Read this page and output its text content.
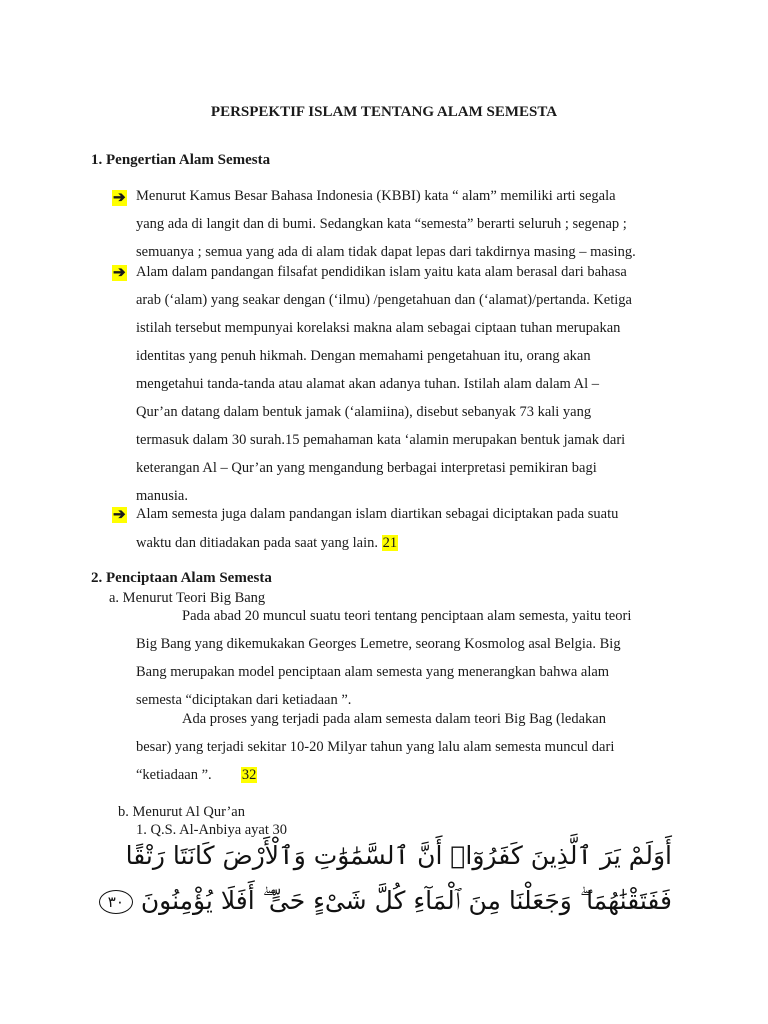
PERSPEKTIF ISLAM TENTANG ALAM SEMESTA
1. Pengertian Alam Semesta
➔ Menurut Kamus Besar Bahasa Indonesia (KBBI) kata “ alam” memiliki arti segala
yang ada di langit dan di bumi. Sedangkan kata “semesta” berarti seluruh ; segenap ;
semuanya ; semua yang ada di alam tidak dapat lepas dari takdirnya masing – masing.
➔ Alam dalam pandangan filsafat pendidikan islam yaitu kata alam berasal dari bahasa
arab (‘alam) yang seakar dengan (‘ilmu) /pengetahuan dan (‘alamat)/pertanda. Ketiga
istilah tersebut mempunyai korelaksi makna alam sebagai ciptaan tuhan merupakan
identitas yang penuh hikmah. Dengan memahami pengetahuan itu, orang akan
mengetahui tanda-tanda atau alamat akan adanya tuhan. Istilah alam dalam Al –
Qur’an datang dalam bentuk jamak (‘alamiina), disebut sebanyak 73 kali yang
termasuk dalam 30 surah.15 pemahaman kata ‘alamin merupakan bentuk jamak dari
keterangan Al – Qur’an yang mengandung berbagai interpretasi pemikiran bagi
manusia.
➔ Alam semesta juga dalam pandangan islam diartikan sebagai diciptakan pada suatu
waktu dan ditiadakan pada saat yang lain. 21
2. Penciptaan Alam Semesta
a. Menurut Teori Big Bang
Pada abad 20 muncul suatu teori tentang penciptaan alam semesta, yaitu teori
Big Bang yang dikemukakan Georges Lemetre, seorang Kosmolog asal Belgia. Big
Bang merupakan model penciptaan alam semesta yang menerangkan bahwa alam
semesta “diciptakan dari ketiadaan ”.
Ada proses yang terjadi pada alam semesta dalam teori Big Bag (ledakan
besar) yang terjadi sekitar 10-20 Milyar tahun yang lalu alam semesta muncul dari
“ketiadaan ”. 32
b. Menurut Al Qur’an
1. Q.S. Al-Anbiya ayat 30
أَوَلَمْ يَرَ ٱلَّذِينَ كَفَرُوٓا۟ أَنَّ ٱلسَّمَٰوَٰتِ وَٱلْأَرْضَ كَانَتَا رَتْقًا
فَفَتَقْنَٰهُمَا ۖ وَجَعَلْنَا مِنَ ٱلْمَآءِ كُلَّ شَىْءٍ حَىٍّ ۖ أَفَلَا يُؤْمِنُونَ ٣٠
